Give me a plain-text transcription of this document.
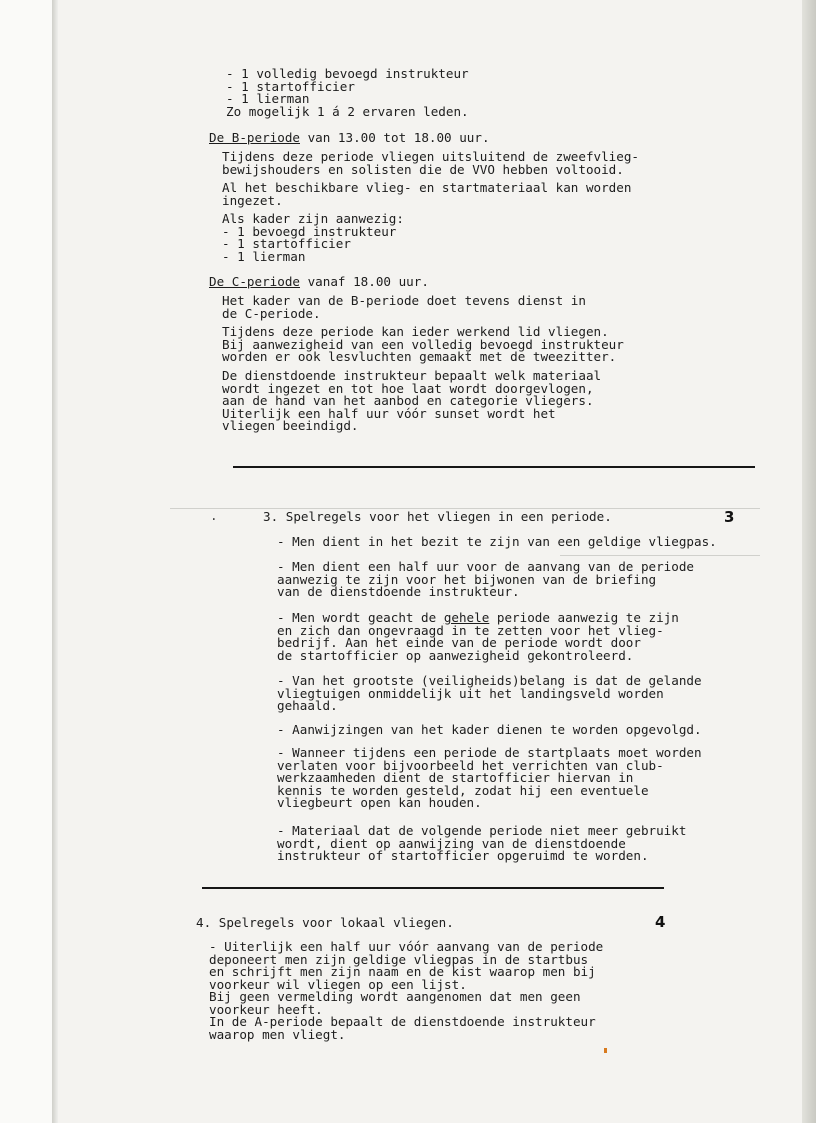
- 1 volledig bevoegd instrukteur
- 1 startofficier
- 1 lierman
Zo mogelijk 1 á 2 ervaren leden.
De B-periode van 13.00 tot 18.00 uur.
Tijdens deze periode vliegen uitsluitend de zweefvlieg-
bewijshouders en solisten die de VVO hebben voltooid.
Al het beschikbare vlieg- en startmateriaal kan worden
ingezet.
Als kader zijn aanwezig:
- 1 bevoegd instrukteur
- 1 startofficier
- 1 lierman
De C-periode vanaf 18.00 uur.
Het kader van de B-periode doet tevens dienst in
de C-periode.
Tijdens deze periode kan ieder werkend lid vliegen.
Bij aanwezigheid van een volledig bevoegd instrukteur
worden er ook lesvluchten gemaakt met de tweezitter.
De dienstdoende instrukteur bepaalt welk materiaal
wordt ingezet en tot hoe laat wordt doorgevlogen,
aan de hand van het aanbod en categorie vliegers.
Uiterlijk een half uur vóór sunset wordt het
vliegen beeindigd.
.	3. Spelregels voor het vliegen in een periode.	3
- Men dient in het bezit te zijn van een geldige vliegpas.
- Men dient een half uur voor de aanvang van de periode
aanwezig te zijn voor het bijwonen van de briefing
van de dienstdoende instrukteur.
- Men wordt geacht de gehele periode aanwezig te zijn
en zich dan ongevraagd in te zetten voor het vlieg-
bedrijf. Aan het einde van de periode wordt door
de startofficier op aanwezigheid gekontroleerd.
- Van het grootste (veiligheids)belang is dat de gelande
vliegtuigen onmiddelijk uit het landingsveld worden
gehaald.
- Aanwijzingen van het kader dienen te worden opgevolgd.
- Wanneer tijdens een periode de startplaats moet worden
verlaten voor bijvoorbeeld het verrichten van club-
werkzaamheden dient de startofficier hiervan in
kennis te worden gesteld, zodat hij een eventuele
vliegbeurt open kan houden.
- Materiaal dat de volgende periode niet meer gebruikt
wordt, dient op aanwijzing van de dienstdoende
instrukteur of startofficier opgeruimd te worden.
4. Spelregels voor lokaal vliegen.	4
- Uiterlijk een half uur vóór aanvang van de periode
deponeert men zijn geldige vliegpas in de startbus
en schrijft men zijn naam en de kist waarop men bij
voorkeur wil vliegen op een lijst.
Bij geen vermelding wordt aangenomen dat men geen
voorkeur heeft.
In de A-periode bepaalt de dienstdoende instrukteur
waarop men vliegt.
